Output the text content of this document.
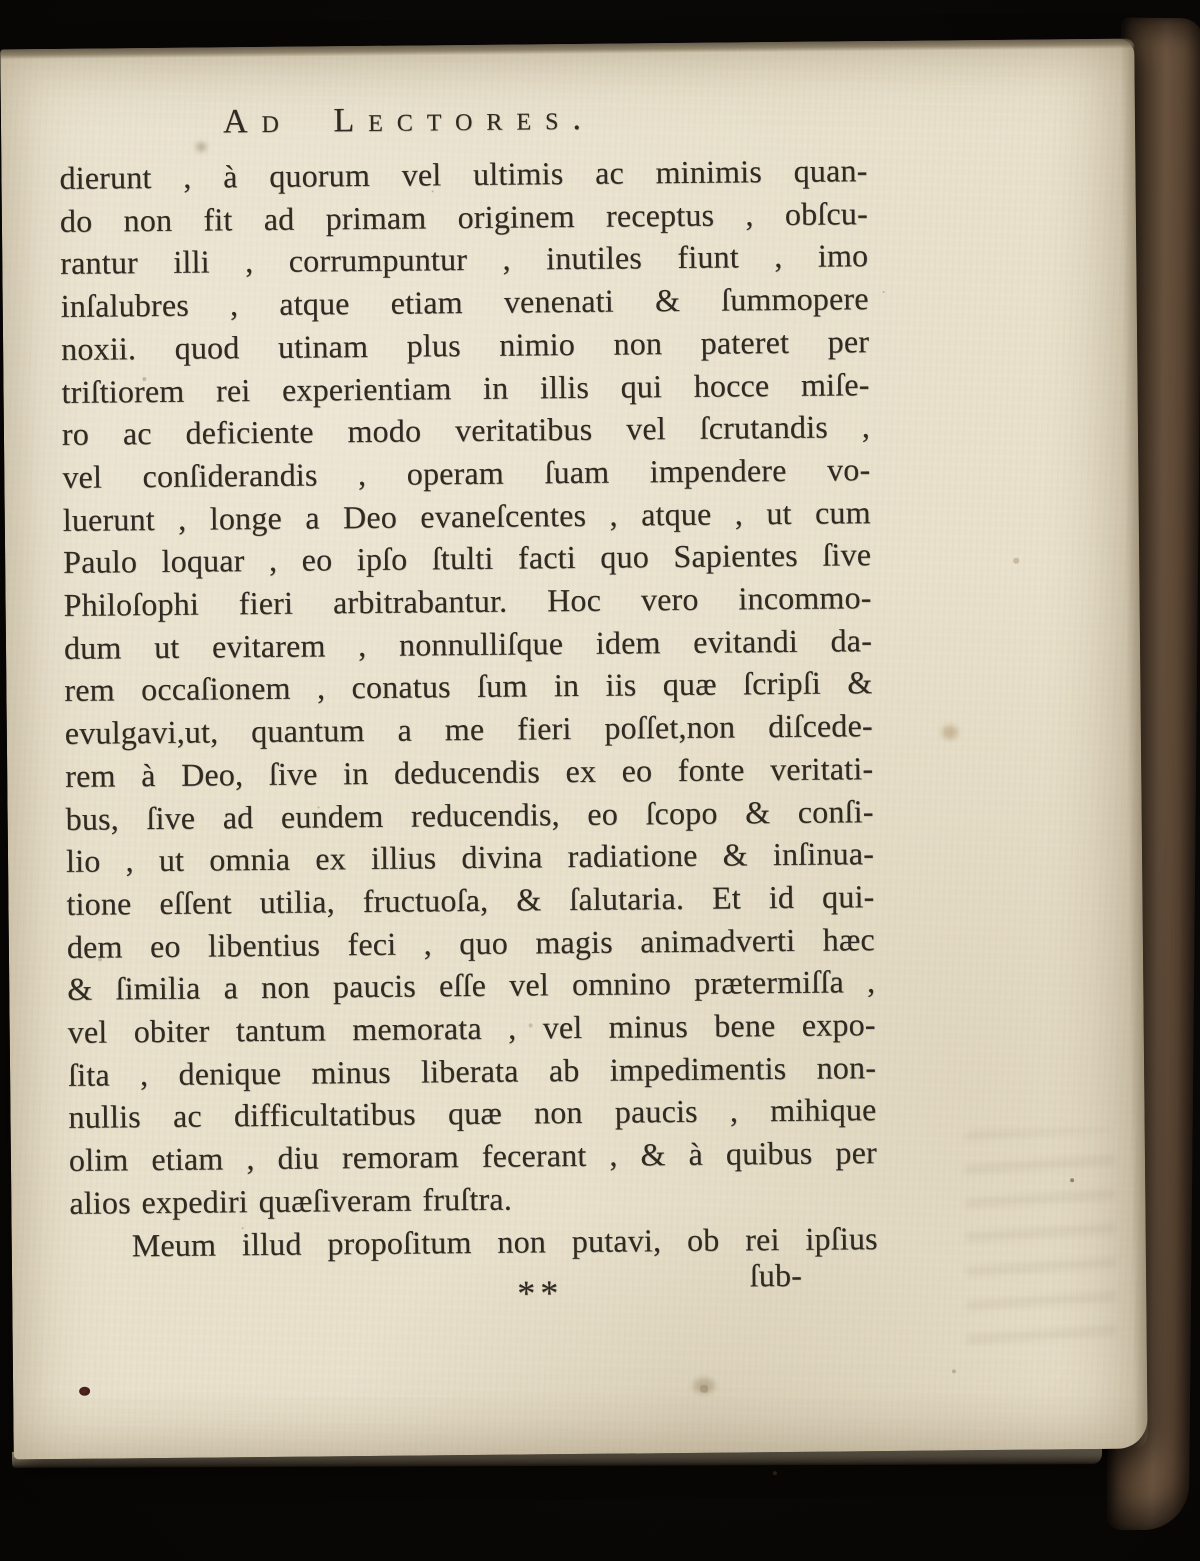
Ad Lectores.
dierunt , à quorum vel ultimis ac minimis quan-
do non fit ad primam originem receptus , obſcu-
rantur illi , corrumpuntur , inutiles fiunt , imo
inſalubres , atque etiam venenati & ſummopere
noxii. quod utinam plus nimio non pateret per
triſtiorem rei experientiam in illis qui hocce miſe-
ro ac deficiente modo veritatibus vel ſcrutandis ,
vel conſiderandis , operam ſuam impendere vo-
luerunt , longe a Deo evaneſcentes , atque , ut cum
Paulo loquar , eo ipſo ſtulti facti quo Sapientes ſive
Philoſophi fieri arbitrabantur. Hoc vero incommo-
dum ut evitarem , nonnulliſque idem evitandi da-
rem occaſionem , conatus ſum in iis quæ ſcripſi &
evulgavi,ut, quantum a me fieri poſſet,non diſcede-
rem à Deo, ſive in deducendis ex eo fonte veritati-
bus, ſive ad eundem reducendis, eo ſcopo & conſi-
lio , ut omnia ex illius divina radiatione & inſinua-
tione eſſent utilia, fructuoſa, & ſalutaria. Et id qui-
dem eo libentius feci , quo magis animadverti hæc
& ſimilia a non paucis eſſe vel omnino prætermiſſa ,
vel obiter tantum memorata , vel minus bene expo-
ſita , denique minus liberata ab impedimentis non-
nullis ac difficultatibus quæ non paucis , mihique
olim etiam , diu remoram fecerant , & à quibus per
alios expediri quæſiveram fruſtra.
Meum illud propoſitum non putavi, ob rei ipſius
**	ſub-
